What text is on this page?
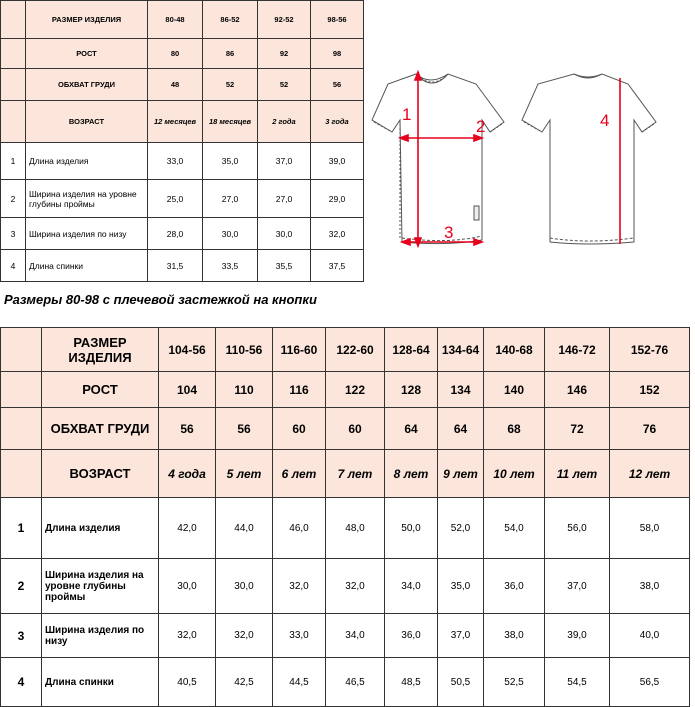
	РАЗМЕР ИЗДЕЛИЯ	80-48	86-52	92-52	98-56
	РОСТ	80	86	92	98
	ОБХВАТ ГРУДИ	48	52	52	56
	ВОЗРАСТ	12 месяцев	18 месяцев	2 года	3 года
1	Длина изделия	33,0	35,0	37,0	39,0
2	Ширина изделия на уровне глубины проймы	25,0	27,0	27,0	29,0
3	Ширина изделия по низу	28,0	30,0	30,0	32,0
4	Длина спинки	31,5	33,5	35,5	37,5
1
2
3
4
Размеры 80-98 с плечевой застежкой на кнопки
	РАЗМЕР ИЗДЕЛИЯ	104-56	110-56	116-60	122-60	128-64	134-64	140-68	146-72	152-76
	РОСТ	104	110	116	122	128	134	140	146	152
	ОБХВАТ ГРУДИ	56	56	60	60	64	64	68	72	76
	ВОЗРАСТ	4 года	5 лет	6 лет	7 лет	8 лет	9 лет	10 лет	11 лет	12 лет
1	Длина изделия	42,0	44,0	46,0	48,0	50,0	52,0	54,0	56,0	58,0
2	Ширина изделия на уровне глубины проймы	30,0	30,0	32,0	32,0	34,0	35,0	36,0	37,0	38,0
3	Ширина изделия по низу	32,0	32,0	33,0	34,0	36,0	37,0	38,0	39,0	40,0
4	Длина спинки	40,5	42,5	44,5	46,5	48,5	50,5	52,5	54,5	56,5
